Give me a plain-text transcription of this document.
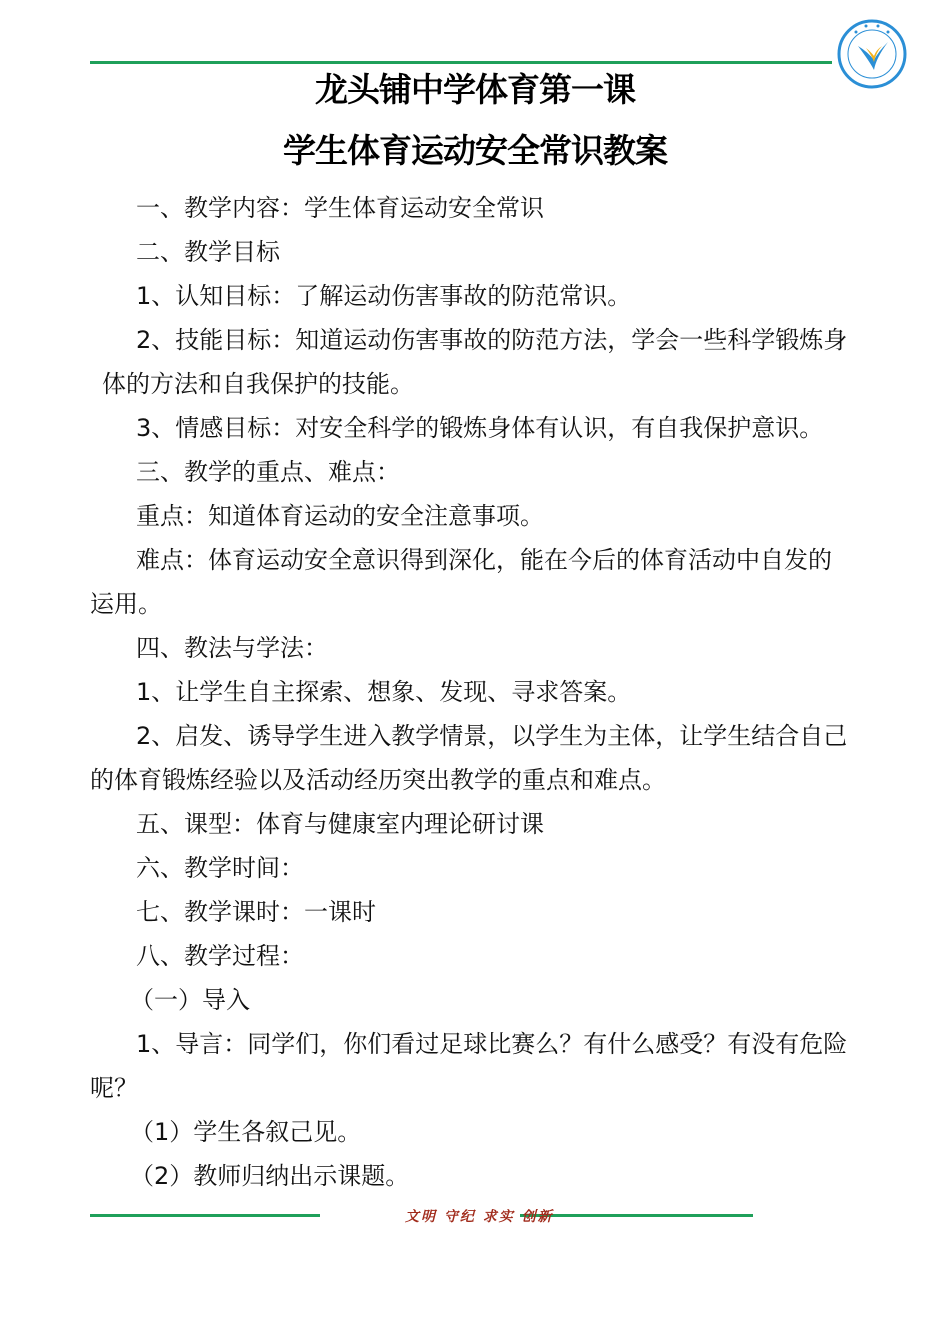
龙头铺中学体育第一课
学生体育运动安全常识教案

一、教学内容：学生体育运动安全常识

二、教学目标

1、认知目标：了解运动伤害事故的防范常识。

2、技能目标：知道运动伤害事故的防范方法，学会一些科学锻炼身

体的方法和自我保护的技能。

3、情感目标：对安全科学的锻炼身体有认识，有自我保护意识。

三、教学的重点、难点：

重点：知道体育运动的安全注意事项。

难点：体育运动安全意识得到深化，能在今后的体育活动中自发的

运用。

四、教法与学法：

1、让学生自主探索、想象、发现、寻求答案。

2、启发、诱导学生进入教学情景，以学生为主体，让学生结合自己

的体育锻炼经验以及活动经历突出教学的重点和难点。

五、课型：体育与健康室内理论研讨课

六、教学时间：

七、教学课时：一课时

八、教学过程：

（一）导入

1、导言：同学们，你们看过足球比赛么？有什么感受？有没有危险

呢？

（1）学生各叙己见。

（2）教师归纳出示课题。

文明 守纪 求实 创新
